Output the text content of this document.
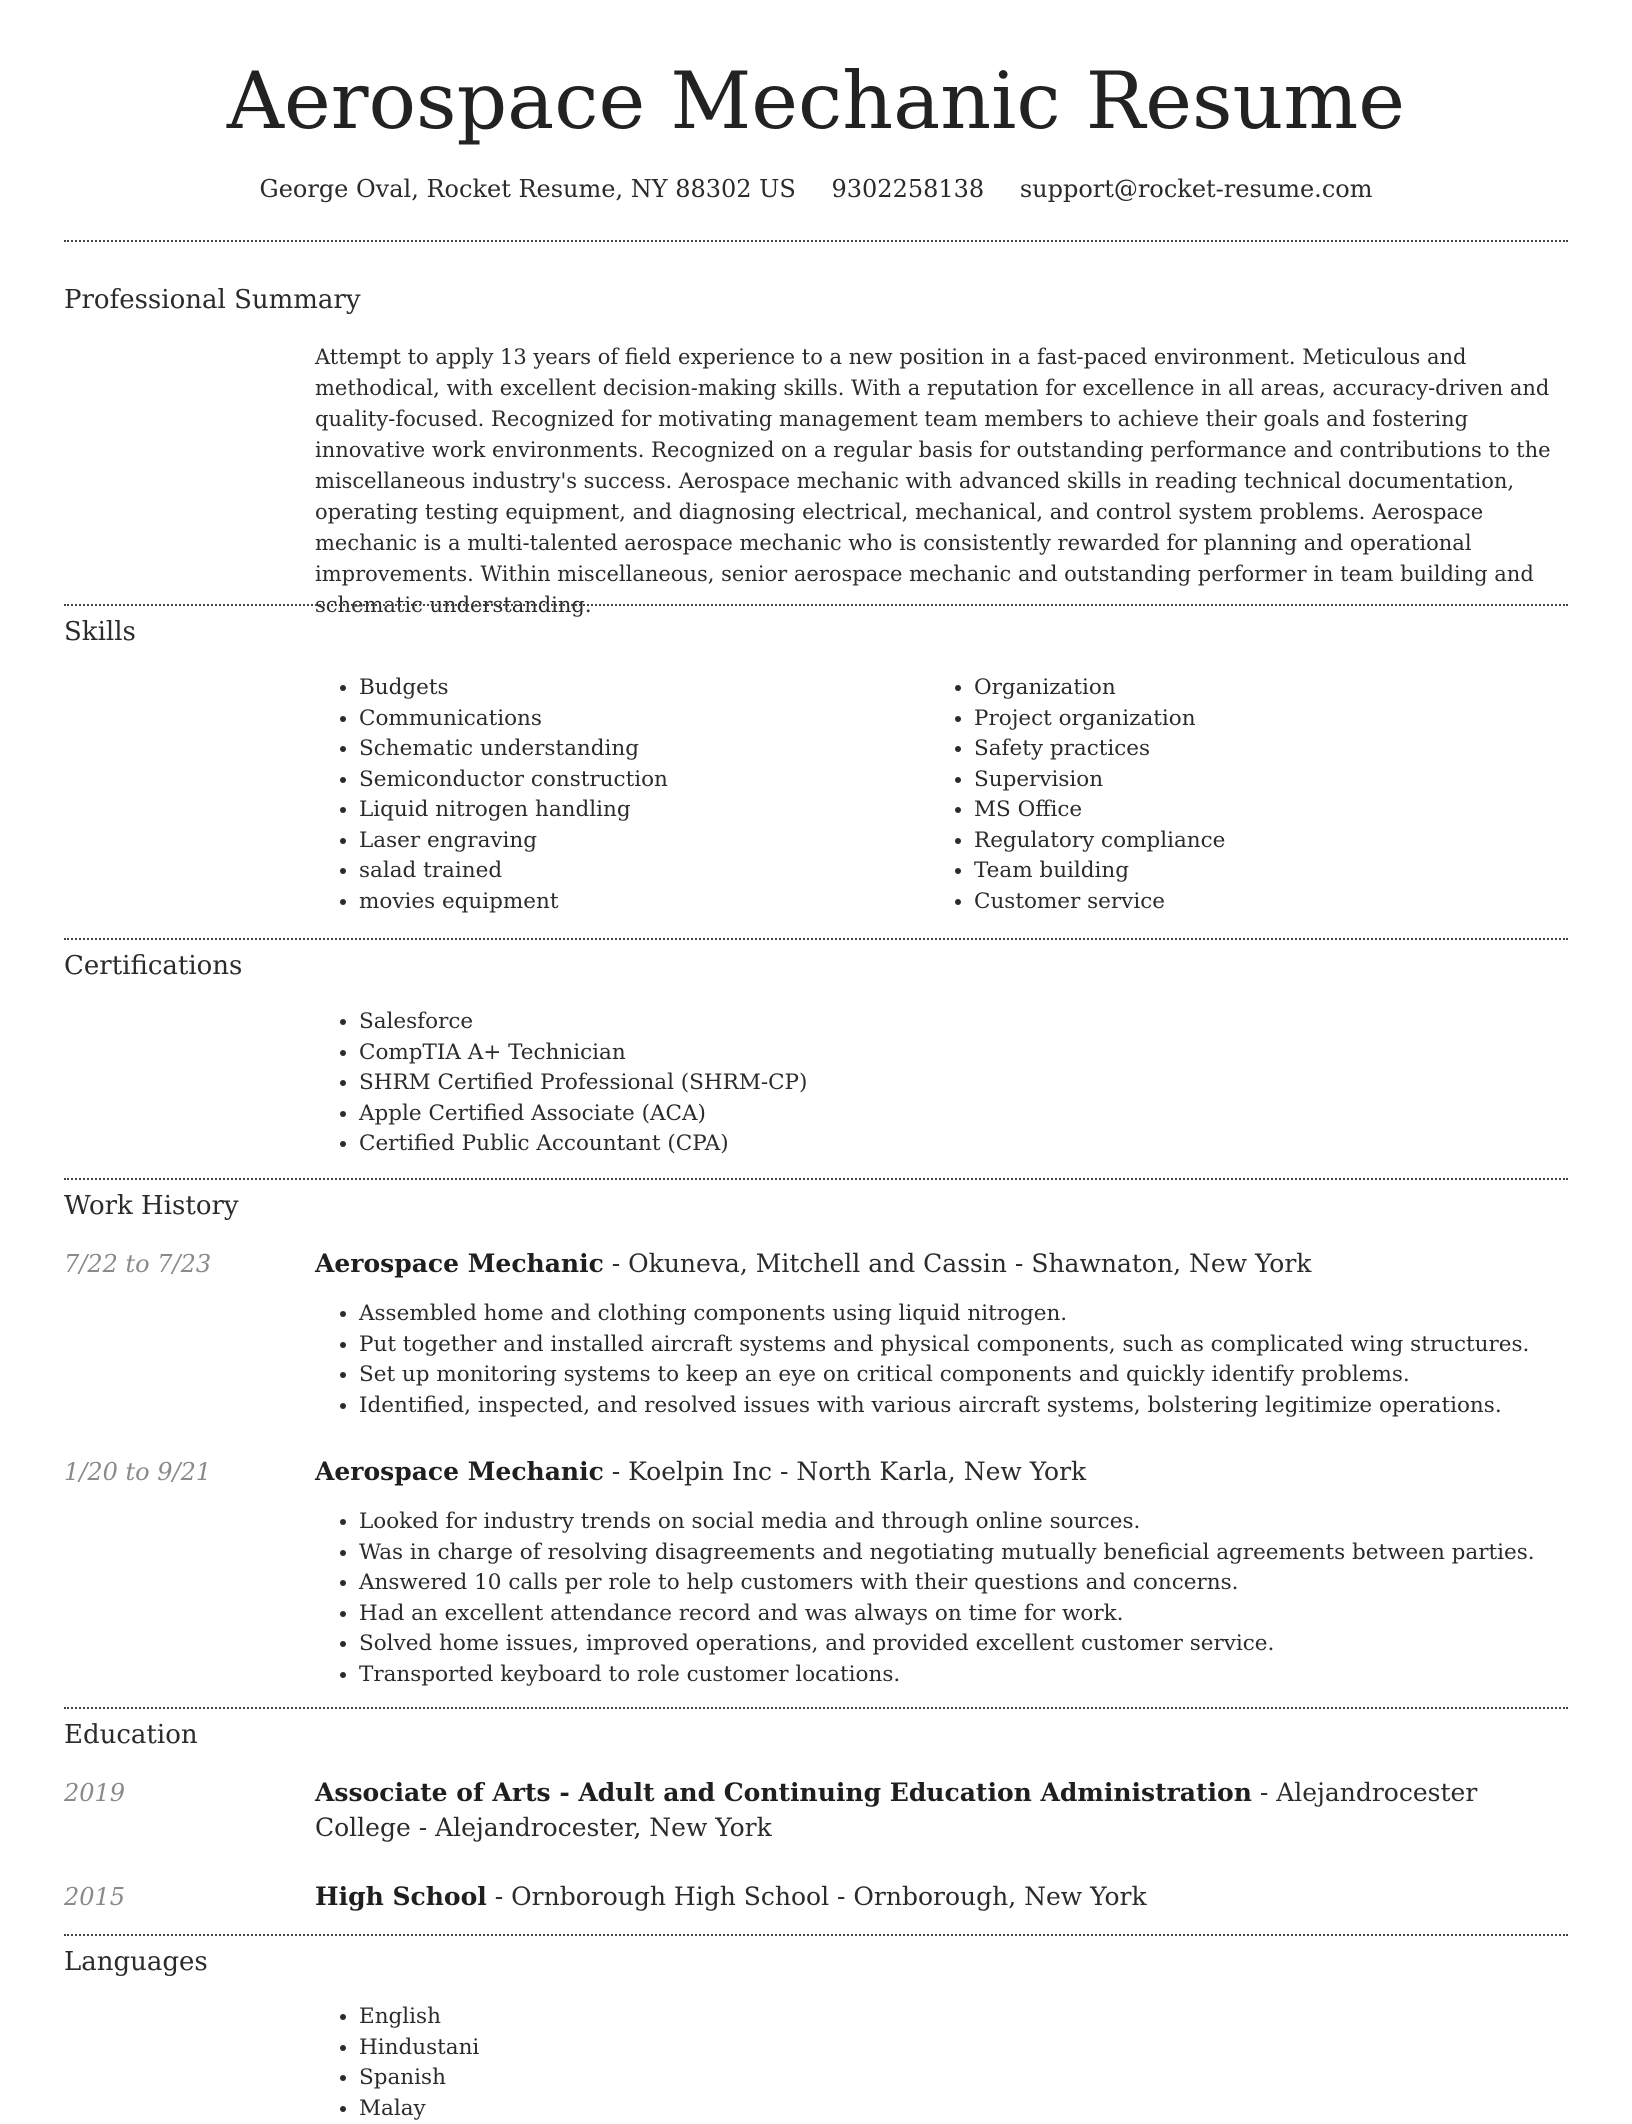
Aerospace Mechanic Resume
George Oval, Rocket Resume, NY 88302 US 9302258138 support@rocket-resume.com
Professional Summary

Attempt to apply 13 years of field experience to a new position in a fast-paced environment. Meticulous and methodical, with excellent decision-making skills. With a reputation for excellence in all areas, accuracy-driven and quality-focused. Recognized for motivating management team members to achieve their goals and fostering innovative work environments. Recognized on a regular basis for outstanding performance and contributions to the miscellaneous industry's success. Aerospace mechanic with advanced skills in reading technical documentation, operating testing equipment, and diagnosing electrical, mechanical, and control system problems. Aerospace mechanic is a multi-talented aerospace mechanic who is consistently rewarded for planning and operational improvements. Within miscellaneous, senior aerospace mechanic and outstanding performer in team building and schematic understanding.

Skills
• Budgets
• Communications
• Schematic understanding
• Semiconductor construction
• Liquid nitrogen handling
• Laser engraving
• salad trained
• movies equipment
• Organization
• Project organization
• Safety practices
• Supervision
• MS Office
• Regulatory compliance
• Team building
• Customer service
Certifications
• Salesforce
• CompTIA A+ Technician
• SHRM Certified Professional (SHRM-CP)
• Apple Certified Associate (ACA)
• Certified Public Accountant (CPA)
Work History
7/22 to 7/23	Aerospace Mechanic - Okuneva, Mitchell and Cassin - Shawnaton, New York
• Assembled home and clothing components using liquid nitrogen.
• Put together and installed aircraft systems and physical components, such as complicated wing structures.
• Set up monitoring systems to keep an eye on critical components and quickly identify problems.
• Identified, inspected, and resolved issues with various aircraft systems, bolstering legitimize operations.
1/20 to 9/21	Aerospace Mechanic - Koelpin Inc - North Karla, New York
• Looked for industry trends on social media and through online sources.
• Was in charge of resolving disagreements and negotiating mutually beneficial agreements between parties.
• Answered 10 calls per role to help customers with their questions and concerns.
• Had an excellent attendance record and was always on time for work.
• Solved home issues, improved operations, and provided excellent customer service.
• Transported keyboard to role customer locations.
Education
2019	Associate of Arts - Adult and Continuing Education Administration - Alejandrocester College - Alejandrocester, New York
2015	High School - Ornborough High School - Ornborough, New York
Languages
• English
• Hindustani
• Spanish
• Malay
